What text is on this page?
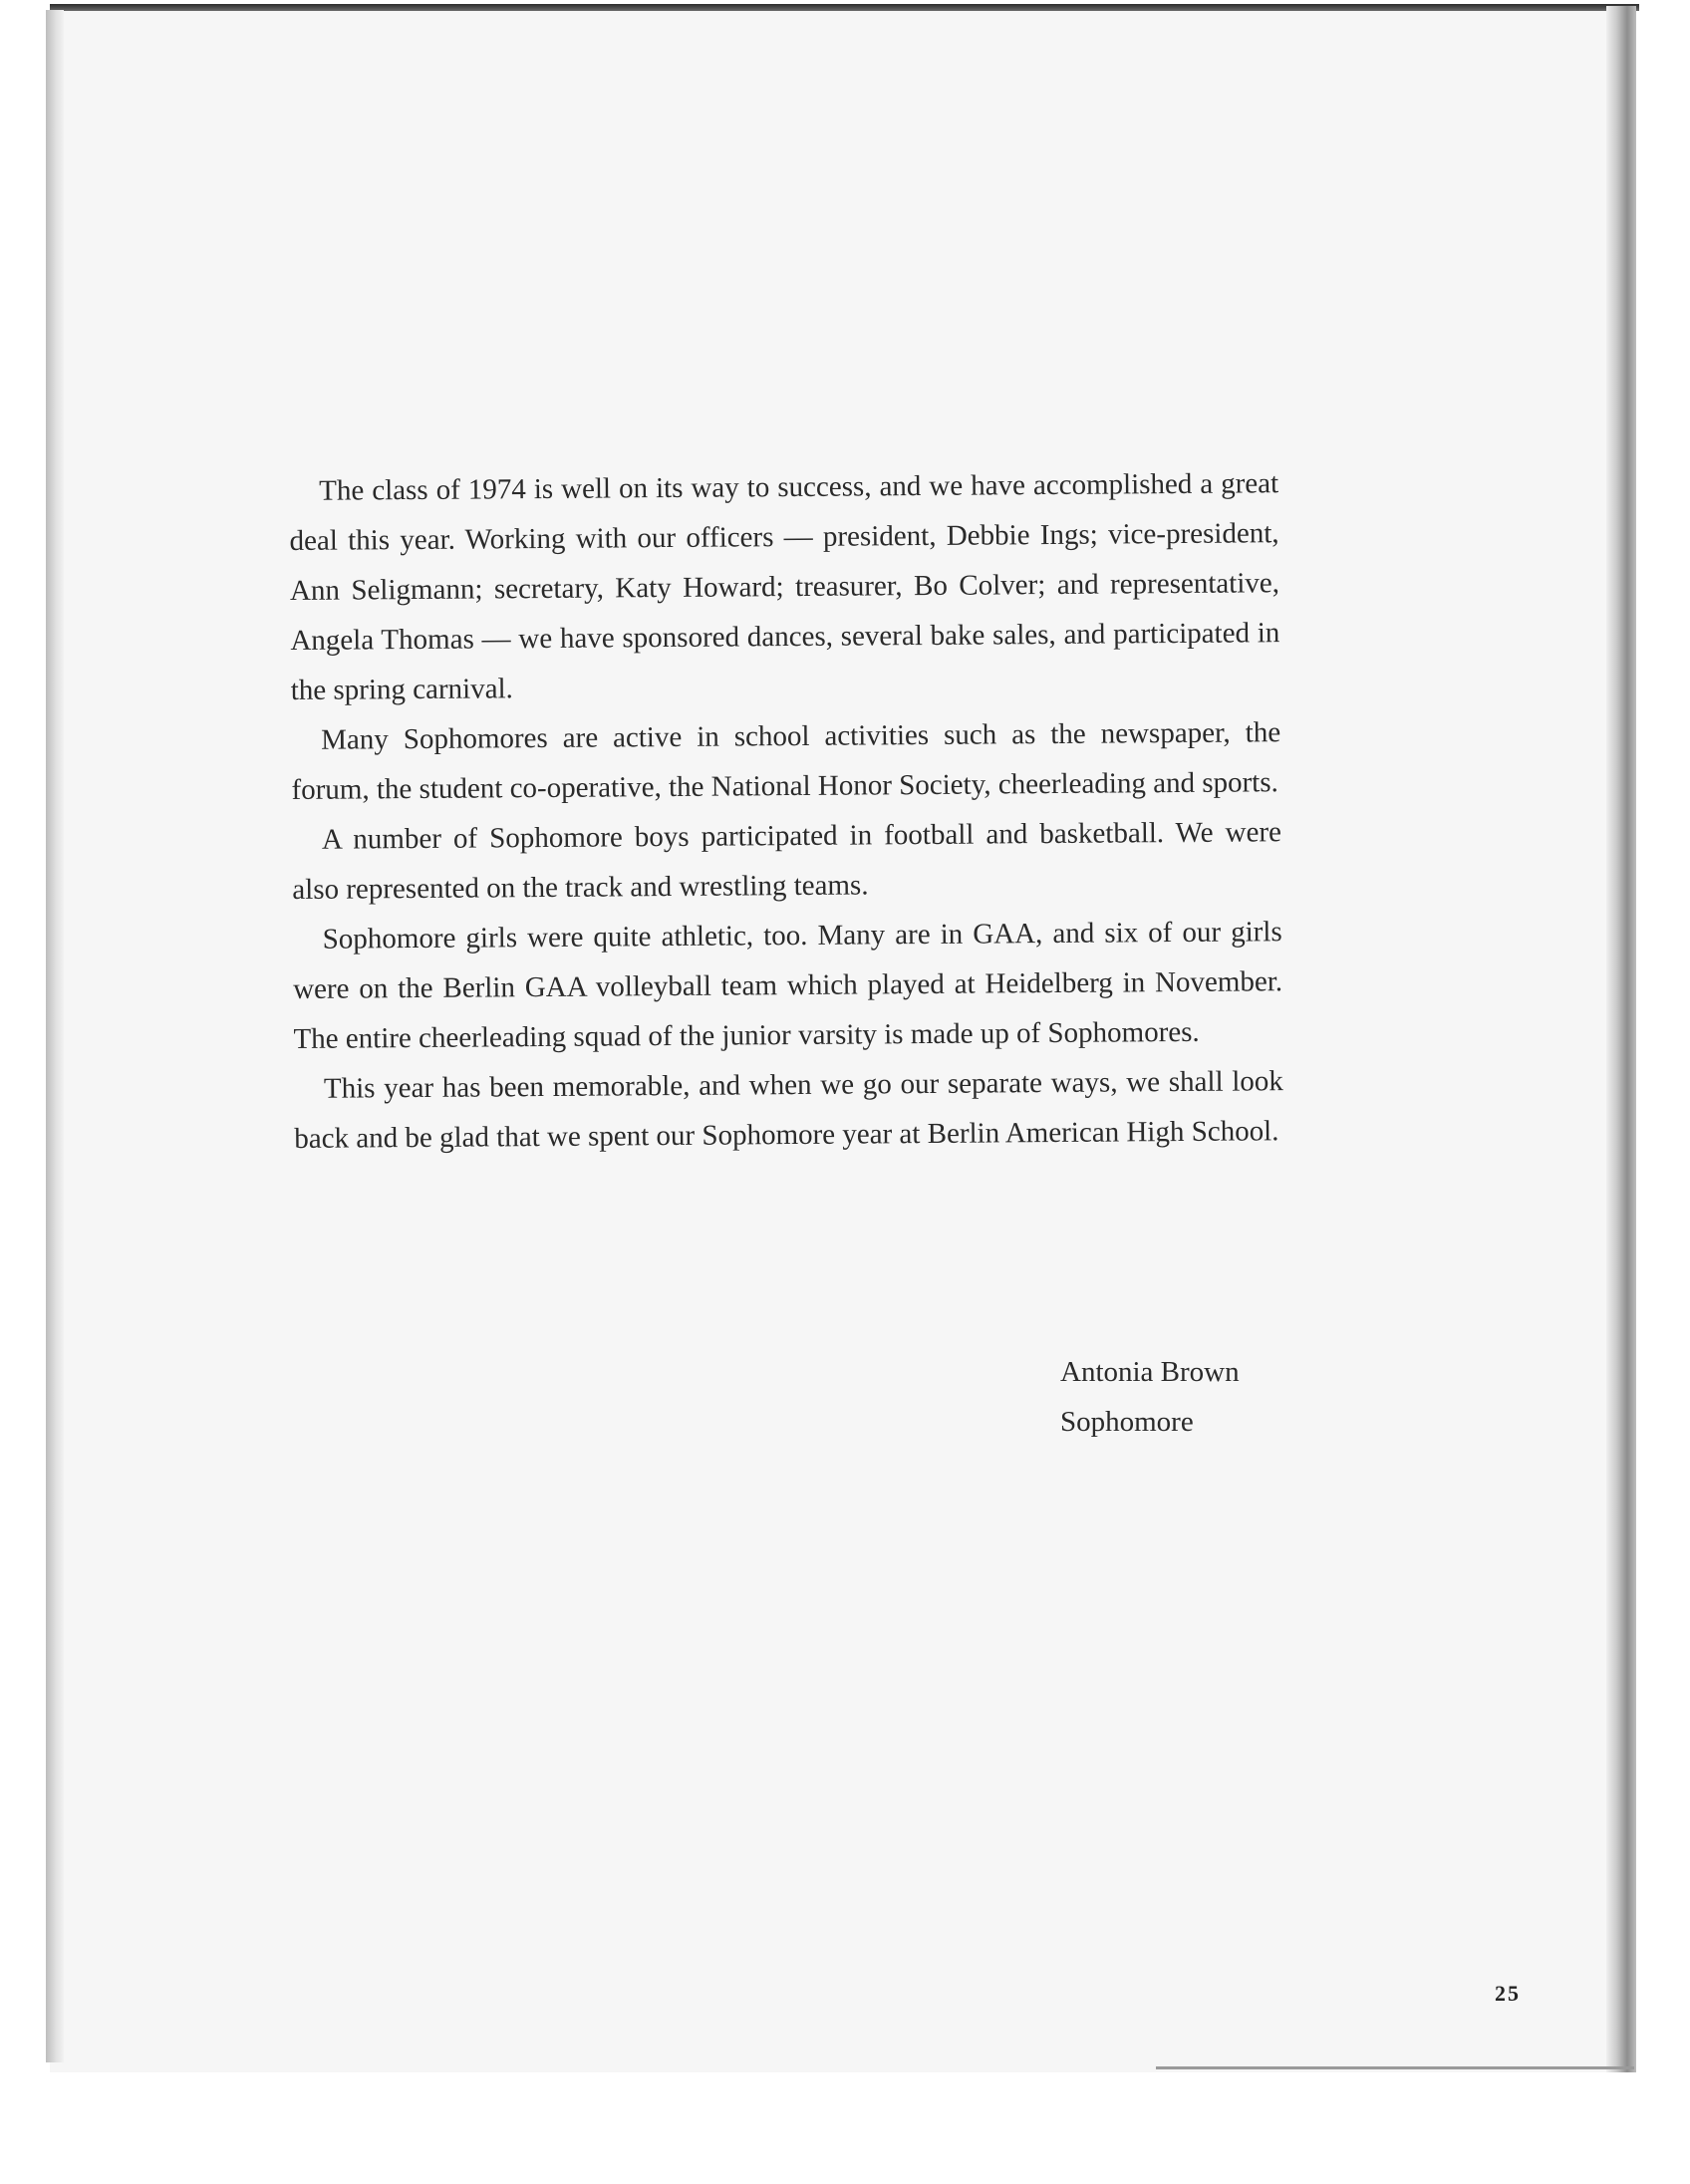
The class of 1974 is well on its way to success, and we have accomplished a great deal this year. Working with our officers — president, Debbie Ings; vice-president, Ann Seligmann; secretary, Katy Howard; treasurer, Bo Colver; and representative, Angela Thomas — we have sponsored dances, several bake sales, and participated in the spring carnival.

Many Sophomores are active in school activities such as the newspaper, the forum, the student co-operative, the National Honor Society, cheerleading and sports.

A number of Sophomore boys participated in football and basketball. We were also represented on the track and wrestling teams.

Sophomore girls were quite athletic, too. Many are in GAA, and six of our girls were on the Berlin GAA volleyball team which played at Heidelberg in November. The entire cheerleading squad of the junior varsity is made up of Sophomores.

This year has been memorable, and when we go our separate ways, we shall look back and be glad that we spent our Sophomore year at Berlin American High School.

Antonia Brown
Sophomore
25
